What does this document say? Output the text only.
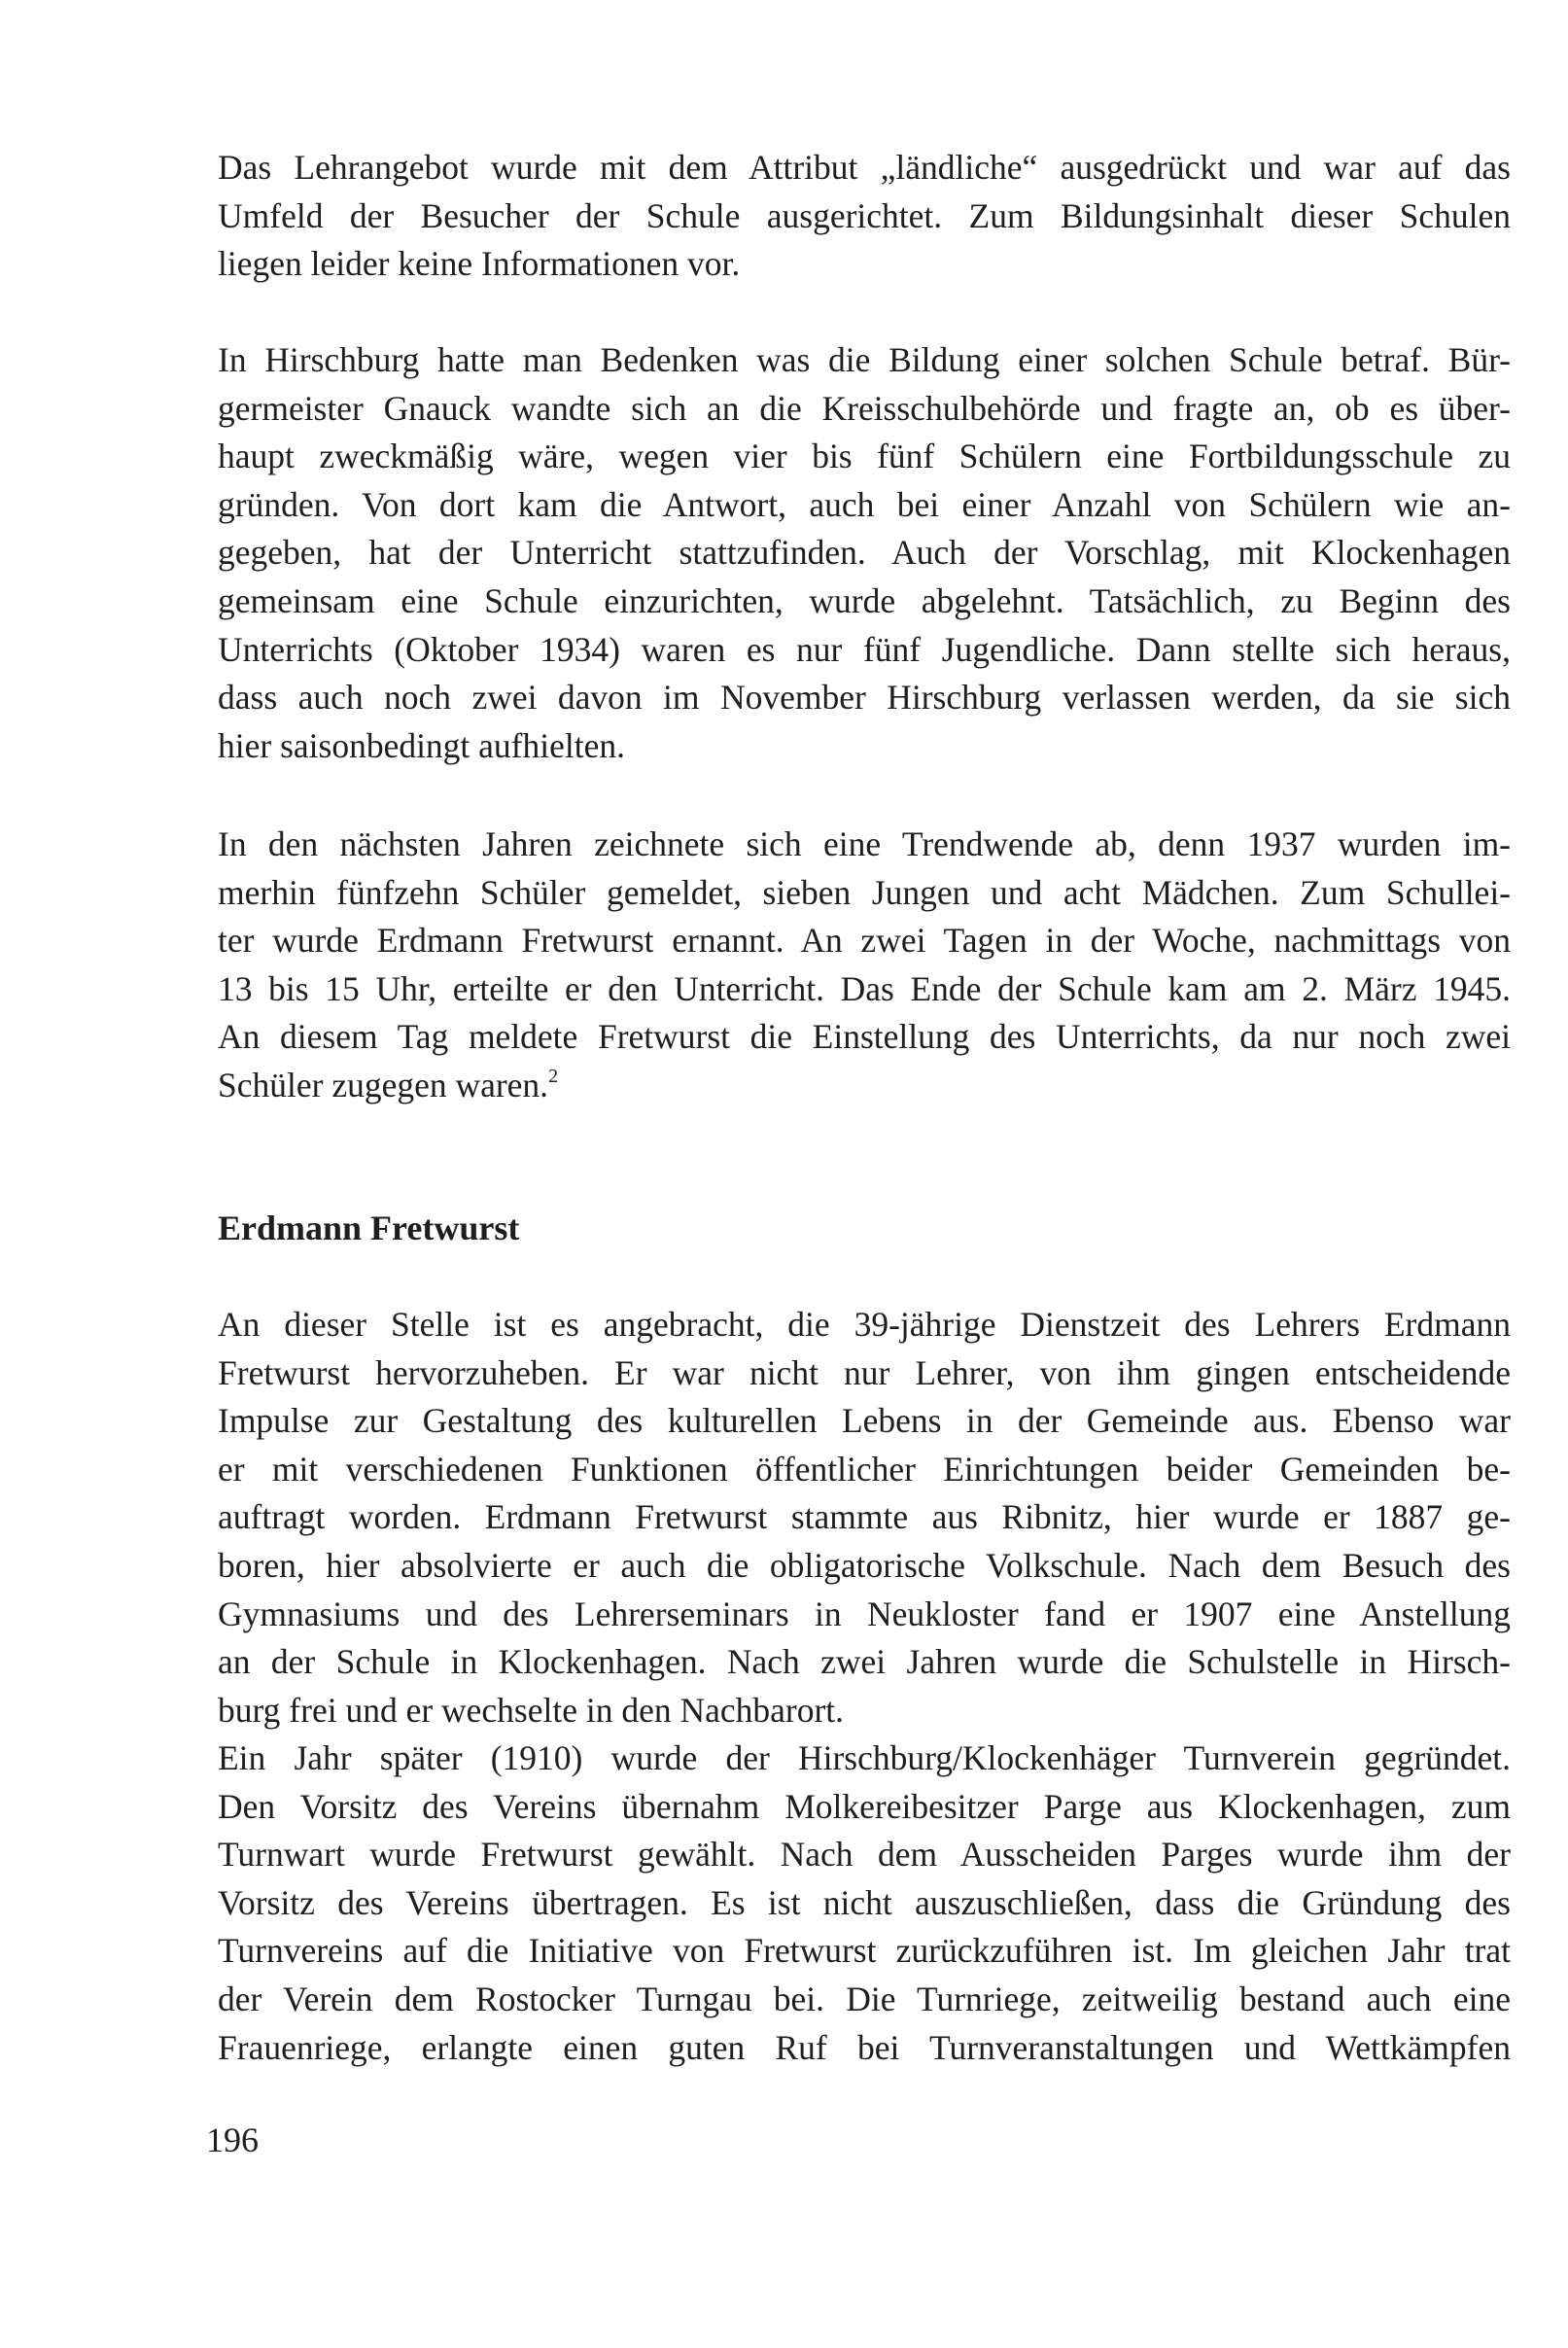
Das Lehrangebot wurde mit dem Attribut „ländliche“ ausgedrückt und war auf das
Umfeld der Besucher der Schule ausgerichtet. Zum Bildungsinhalt dieser Schulen
liegen leider keine Informationen vor.

In Hirschburg hatte man Bedenken was die Bildung einer solchen Schule betraf. Bür-
germeister Gnauck wandte sich an die Kreisschulbehörde und fragte an, ob es über-
haupt zweckmäßig wäre, wegen vier bis fünf Schülern eine Fortbildungsschule zu
gründen. Von dort kam die Antwort, auch bei einer Anzahl von Schülern wie an-
gegeben, hat der Unterricht stattzufinden. Auch der Vorschlag, mit Klockenhagen
gemeinsam eine Schule einzurichten, wurde abgelehnt. Tatsächlich, zu Beginn des
Unterrichts (Oktober 1934) waren es nur fünf Jugendliche. Dann stellte sich heraus,
dass auch noch zwei davon im November Hirschburg verlassen werden, da sie sich
hier saisonbedingt aufhielten.

In den nächsten Jahren zeichnete sich eine Trendwende ab, denn 1937 wurden im-
merhin fünfzehn Schüler gemeldet, sieben Jungen und acht Mädchen. Zum Schullei-
ter wurde Erdmann Fretwurst ernannt. An zwei Tagen in der Woche, nachmittags von
13 bis 15 Uhr, erteilte er den Unterricht. Das Ende der Schule kam am 2. März 1945.
An diesem Tag meldete Fretwurst die Einstellung des Unterrichts, da nur noch zwei
Schüler zugegen waren.$^2$

Erdmann Fretwurst

An dieser Stelle ist es angebracht, die 39-jährige Dienstzeit des Lehrers Erdmann
Fretwurst hervorzuheben. Er war nicht nur Lehrer, von ihm gingen entscheidende
Impulse zur Gestaltung des kulturellen Lebens in der Gemeinde aus. Ebenso war
er mit verschiedenen Funktionen öffentlicher Einrichtungen beider Gemeinden be-
auftragt worden. Erdmann Fretwurst stammte aus Ribnitz, hier wurde er 1887 ge-
boren, hier absolvierte er auch die obligatorische Volkschule. Nach dem Besuch des
Gymnasiums und des Lehrerseminars in Neukloster fand er 1907 eine Anstellung
an der Schule in Klockenhagen. Nach zwei Jahren wurde die Schulstelle in Hirsch-
burg frei und er wechselte in den Nachbarort.

Ein Jahr später (1910) wurde der Hirschburg/Klockenhäger Turnverein gegründet.
Den Vorsitz des Vereins übernahm Molkereibesitzer Parge aus Klockenhagen, zum
Turnwart wurde Fretwurst gewählt. Nach dem Ausscheiden Parges wurde ihm der
Vorsitz des Vereins übertragen. Es ist nicht auszuschließen, dass die Gründung des
Turnvereins auf die Initiative von Fretwurst zurückzuführen ist. Im gleichen Jahr trat
der Verein dem Rostocker Turngau bei. Die Turnriege, zeitweilig bestand auch eine
Frauenriege, erlangte einen guten Ruf bei Turnveranstaltungen und Wettkämpfen

196
